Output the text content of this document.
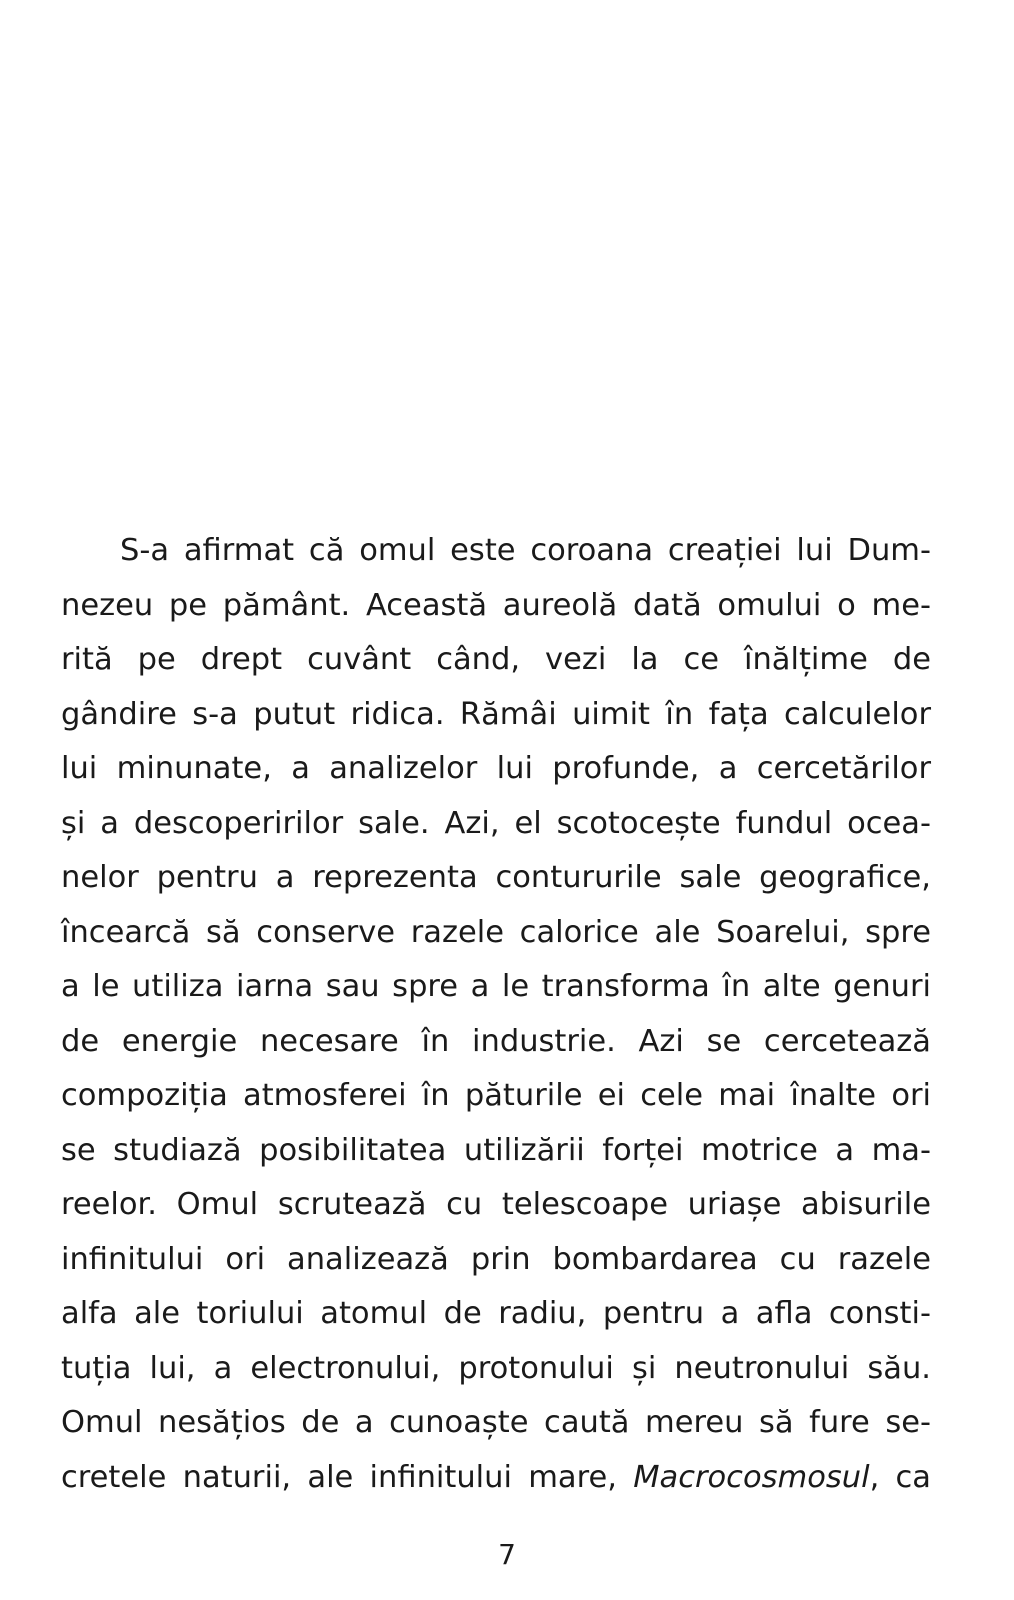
S-a afirmat că omul este coroana creației lui Dum-
nezeu pe pământ. Această aureolă dată omului o me-
rită pe drept cuvânt când, vezi la ce înălțime de
gândire s-a putut ridica. Rămâi uimit în fața calculelor
lui minunate, a analizelor lui profunde, a cercetărilor
și a descoperirilor sale. Azi, el scotocește fundul ocea-
nelor pentru a reprezenta contururile sale geografice,
încearcă să conserve razele calorice ale Soarelui, spre
a le utiliza iarna sau spre a le transforma în alte genuri
de energie necesare în industrie. Azi se cercetează
compoziția atmosferei în păturile ei cele mai înalte ori
se studiază posibilitatea utilizării forței motrice a ma-
reelor. Omul scrutează cu telescoape uriașe abisurile
infinitului ori analizează prin bombardarea cu razele
alfa ale toriului atomul de radiu, pentru a afla consti-
tuția lui, a electronului, protonului și neutronului său.
Omul nesățios de a cunoaște caută mereu să fure se-
cretele naturii, ale infinitului mare, Macrocosmosul, ca
7
